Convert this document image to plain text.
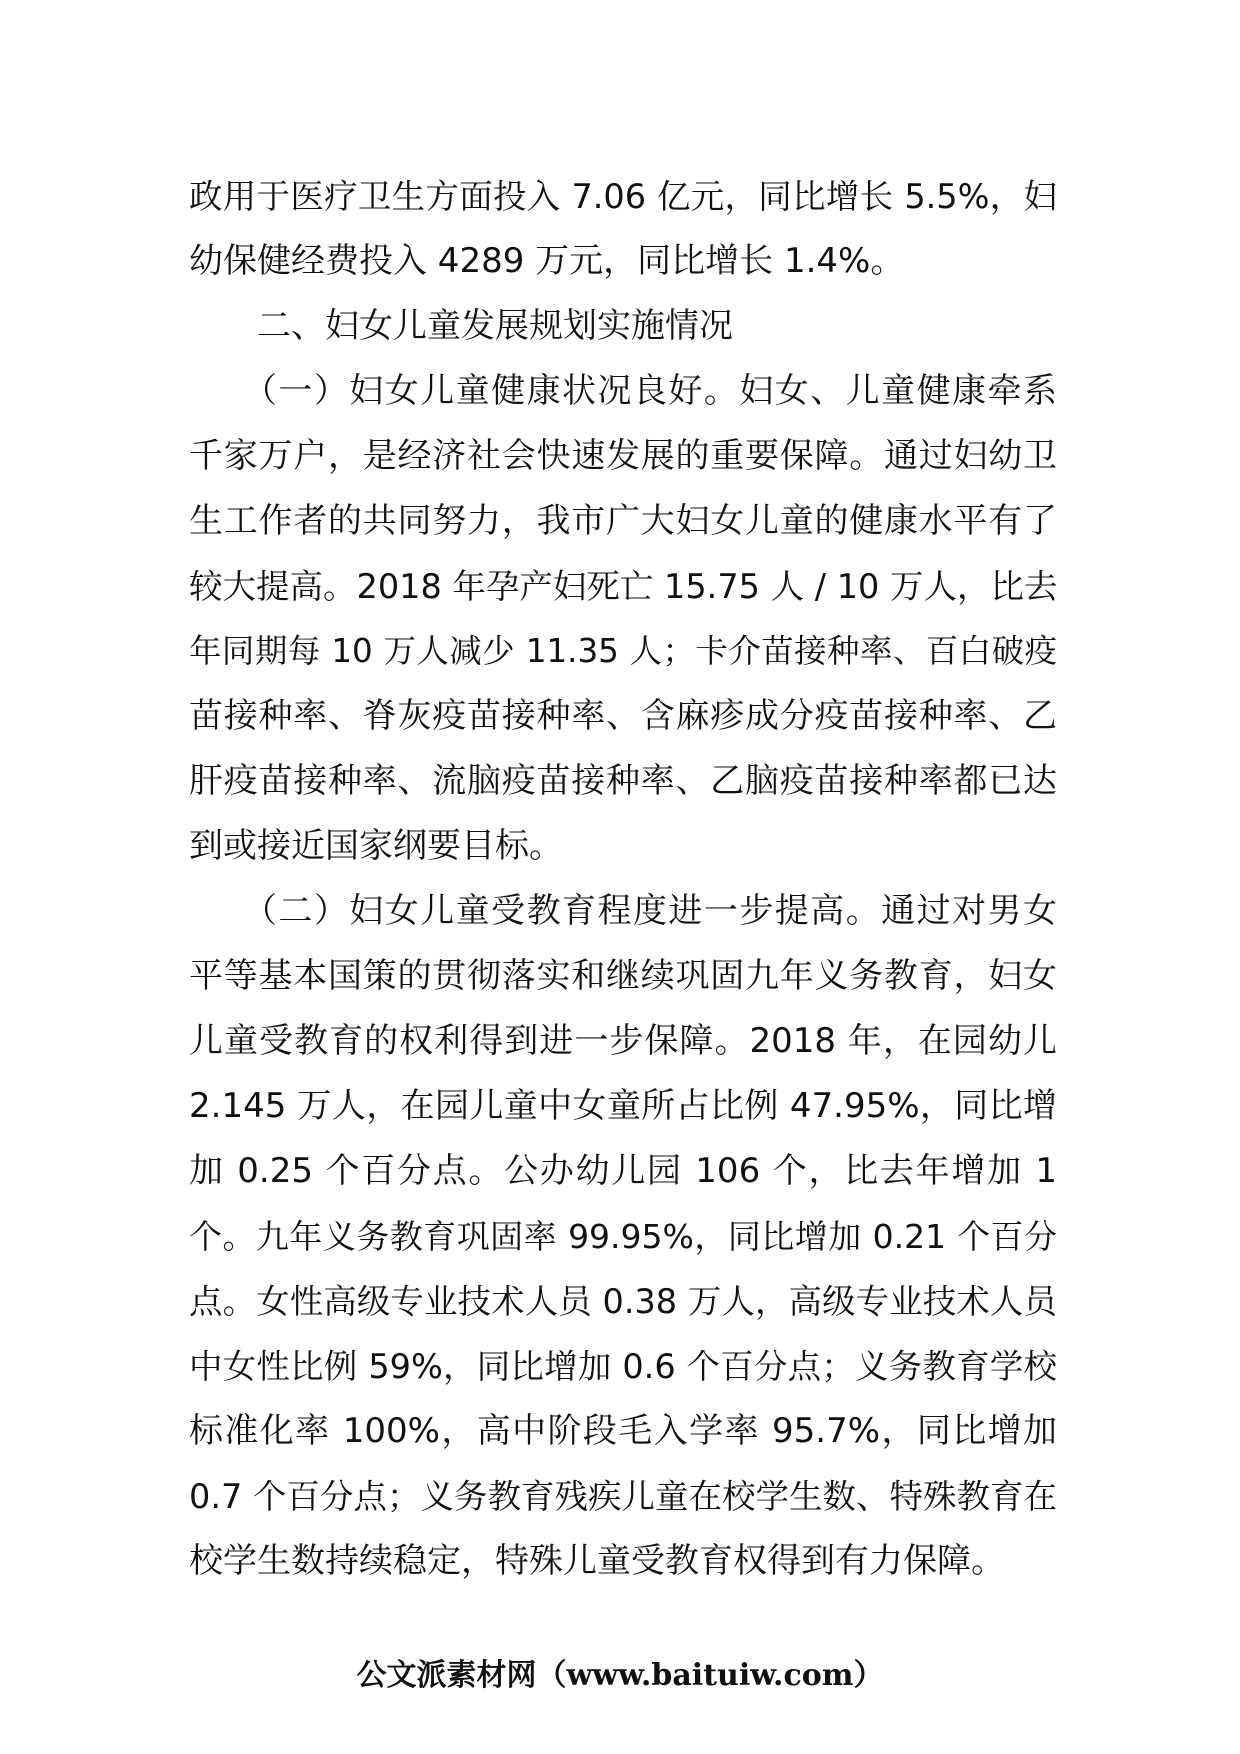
政用于医疗卫生方面投入 7.06 亿元，同比增长 5.5%，妇
幼保健经费投入 4289 万元，同比增长 1.4%。
　　二、妇女儿童发展规划实施情况
　　（一）妇女儿童健康状况良好。妇女、儿童健康牵系
千家万户，是经济社会快速发展的重要保障。通过妇幼卫
生工作者的共同努力，我市广大妇女儿童的健康水平有了
较大提高。2018 年孕产妇死亡 15.75 人 / 10 万人，比去
年同期每 10 万人减少 11.35 人；卡介苗接种率、百白破疫
苗接种率、脊灰疫苗接种率、含麻疹成分疫苗接种率、乙
肝疫苗接种率、流脑疫苗接种率、乙脑疫苗接种率都已达
到或接近国家纲要目标。
　　（二）妇女儿童受教育程度进一步提高。通过对男女
平等基本国策的贯彻落实和继续巩固九年义务教育，妇女
儿童受教育的权利得到进一步保障。2018 年，在园幼儿
2.145 万人，在园儿童中女童所占比例 47.95%，同比增
加 0.25 个百分点。公办幼儿园 106 个，比去年增加 1
个。九年义务教育巩固率 99.95%，同比增加 0.21 个百分
点。女性高级专业技术人员 0.38 万人，高级专业技术人员
中女性比例 59%，同比增加 0.6 个百分点；义务教育学校
标准化率 100%，高中阶段毛入学率 95.7%，同比增加
0.7 个百分点；义务教育残疾儿童在校学生数、特殊教育在
校学生数持续稳定，特殊儿童受教育权得到有力保障。
公文派素材网（www.baituiw.com）
